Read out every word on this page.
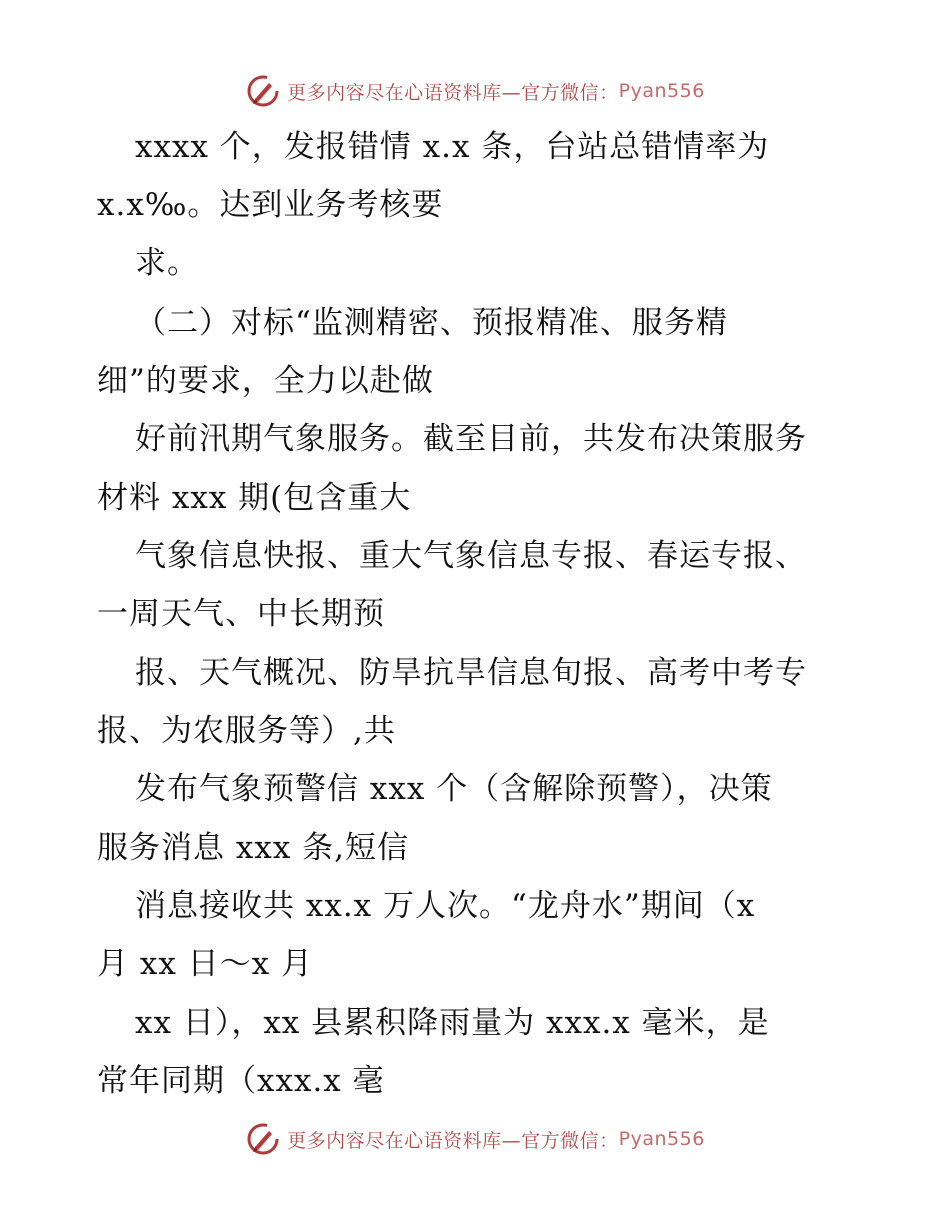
更多内容尽在心语资料库—官方微信： Pyan556
xxxx 个，发报错情 x.x 条，台站总错情率为
x.x‰。达到业务考核要
求。
（二）对标“监测精密、预报精准、服务精
细”的要求，全力以赴做
好前汛期气象服务。截至目前，共发布决策服务
材料 xxx 期(包含重大
气象信息快报、重大气象信息专报、春运专报、
一周天气、中长期预
报、天气概况、防旱抗旱信息旬报、高考中考专
报、为农服务等）,共
发布气象预警信 xxx 个（含解除预警），决策
服务消息 xxx 条,短信
消息接收共 xx.x 万人次。“龙舟水”期间（x
月 xx 日～x 月
xx 日），xx 县累积降雨量为 xxx.x 毫米，是
常年同期（xxx.x 毫
更多内容尽在心语资料库—官方微信： Pyan556
